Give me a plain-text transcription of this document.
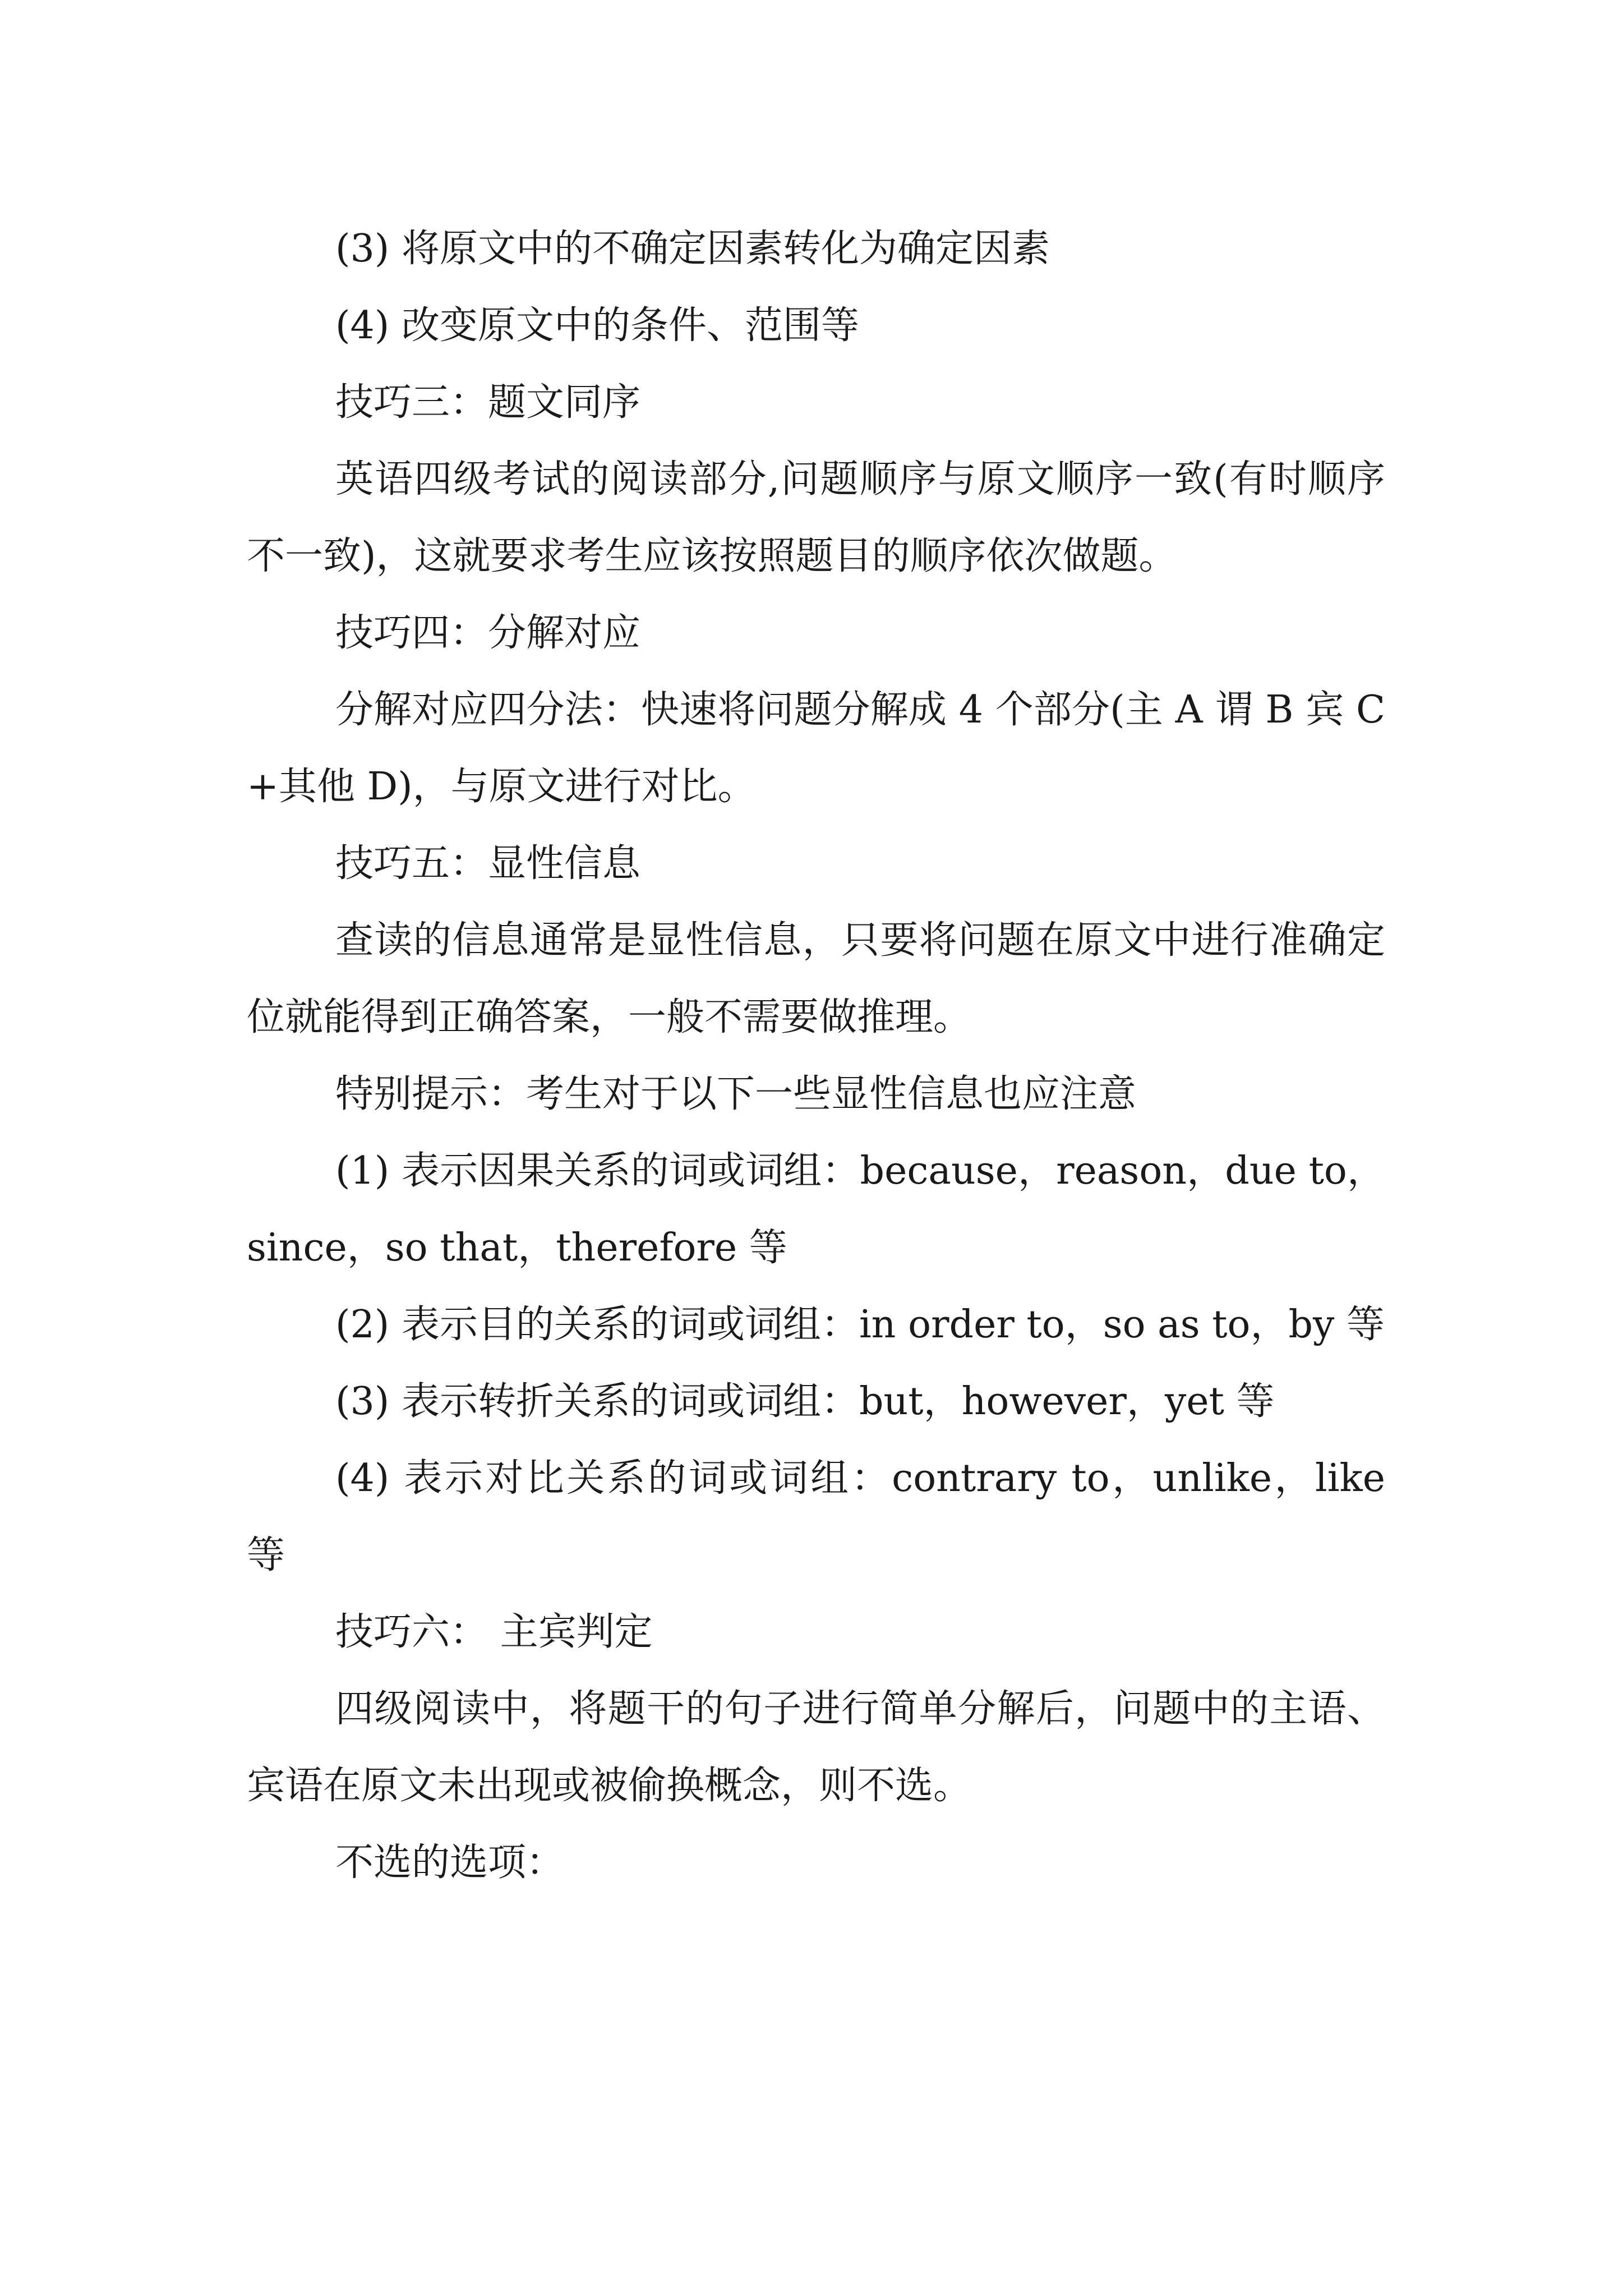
(3) 将原文中的不确定因素转化为确定因素

(4) 改变原文中的条件、范围等

技巧三：题文同序

英语四级考试的阅读部分,问题顺序与原文顺序一致(有时顺序不一致)，这就要求考生应该按照题目的顺序依次做题。

技巧四：分解对应

分解对应四分法：快速将问题分解成 4 个部分(主 A 谓 B 宾 C+其他 D)，与原文进行对比。

技巧五：显性信息

查读的信息通常是显性信息，只要将问题在原文中进行准确定位就能得到正确答案，一般不需要做推理。

特别提示：考生对于以下一些显性信息也应注意

(1) 表示因果关系的词或词组：because，reason，due to，since，so that，therefore 等

(2) 表示目的关系的词或词组：in order to，so as to，by 等

(3) 表示转折关系的词或词组：but，however，yet 等

(4) 表示对比关系的词或词组：contrary to，unlike，like 等

技巧六： 主宾判定

四级阅读中，将题干的句子进行简单分解后，问题中的主语、宾语在原文未出现或被偷换概念，则不选。

不选的选项：
